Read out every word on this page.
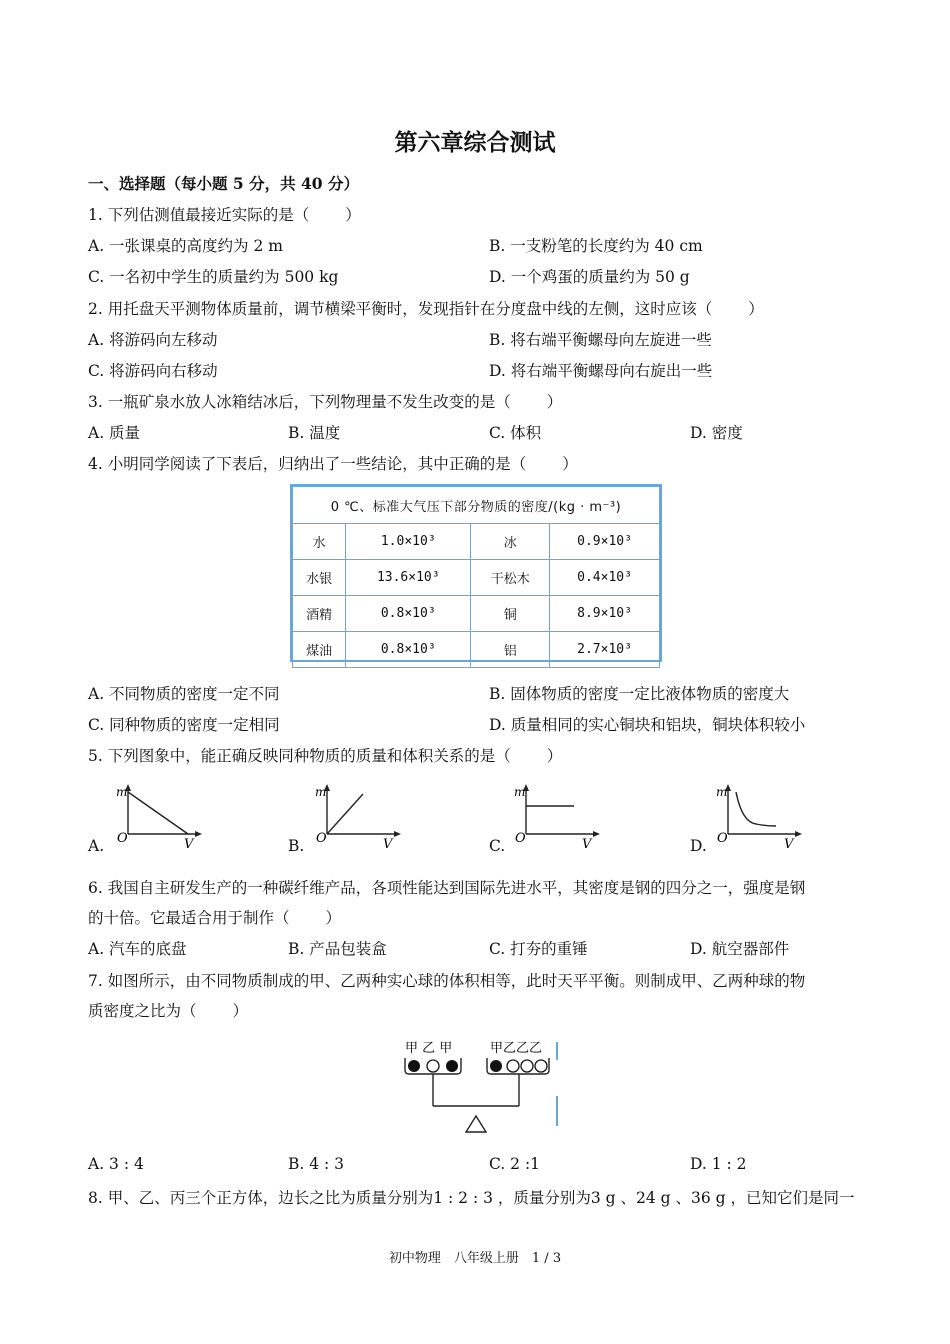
第六章综合测试
一、选择题（每小题 5 分，共 40 分）
1. 下列估测值最接近实际的是（ ）
A. 一张课桌的高度约为 2 m	B. 一支粉笔的长度约为 40 cm
C. 一名初中学生的质量约为 500 kg	D. 一个鸡蛋的质量约为 50 g
2. 用托盘天平测物体质量前，调节横梁平衡时，发现指针在分度盘中线的左侧，这时应该（ ）
A. 将游码向左移动	B. 将右端平衡螺母向左旋进一些
C. 将游码向右移动	D. 将右端平衡螺母向右旋出一些
3. 一瓶矿泉水放人冰箱结冰后，下列物理量不发生改变的是（ ）
A. 质量	B. 温度	C. 体积	D. 密度
4. 小明同学阅读了下表后，归纳出了一些结论，其中正确的是（ ）
0 ℃、标准大气压下部分物质的密度/(kg · m⁻³)			
水	1.0×10³	冰	0.9×10³
水银	13.6×10³	干松木	0.4×10³
酒精	0.8×10³	铜	8.9×10³
煤油	0.8×10³	铝	2.7×10³
A. 不同物质的密度一定不同	B. 固体物质的密度一定比液体物质的密度大
C. 同种物质的密度一定相同	D. 质量相同的实心铜块和铝块，铜块体积较小
5. 下列图象中，能正确反映同种物质的质量和体积关系的是（ ）
m
O	V
A.
m
O	V
B.
m
O	V
C.
m
O	V
D.
6. 我国自主研发生产的一种碳纤维产品，各项性能达到国际先进水平，其密度是钢的四分之一，强度是钢
的十倍。它最适合用于制作（ ）
A. 汽车的底盘	B. 产品包装盒	C. 打夯的重锤	D. 航空器部件
7. 如图所示，由不同物质制成的甲、乙两种实心球的体积相等，此时天平平衡。则制成甲、乙两种球的物
质密度之比为（ ）
甲 乙 甲	甲乙乙乙
A. 3 : 4	B. 4 : 3	C. 2 :1	D. 1 : 2
8. 甲、乙、丙三个正方体，边长之比为质量分别为1 : 2 : 3 ，质量分别为3 g 、24 g 、36 g ，已知它们是同一
初中物理　八年级上册　1 / 3
